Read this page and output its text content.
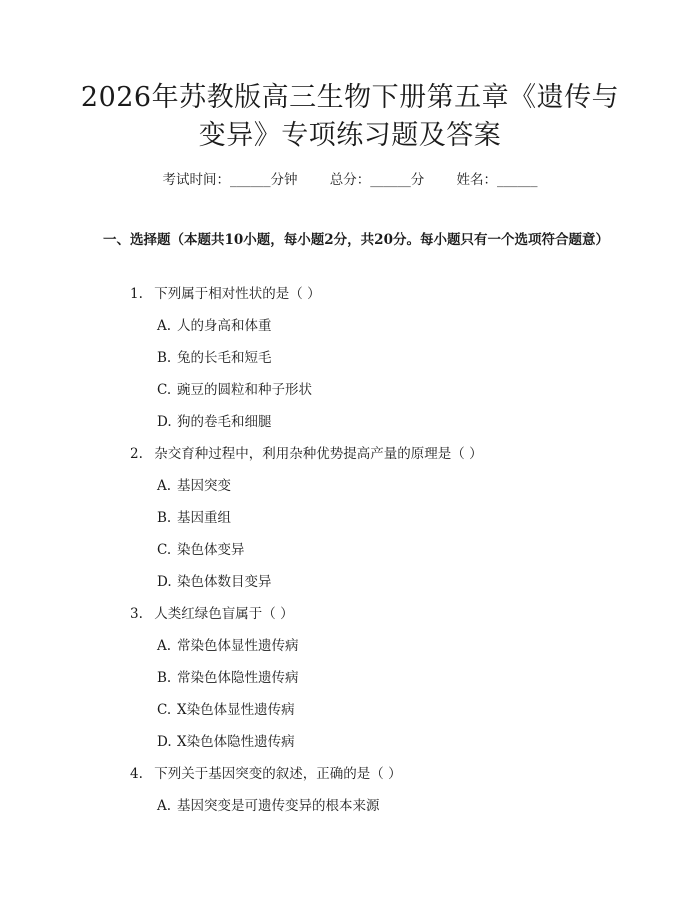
2026年苏教版高三生物下册第五章《遗传与
变异》专项练习题及答案
考试时间：______分钟 总分：______分 姓名：______
一、选择题（本题共10小题，每小题2分，共20分。每小题只有一个选项符合题意）
1. 下列属于相对性状的是（ ）
A. 人的身高和体重
B. 兔的长毛和短毛
C. 豌豆的圆粒和种子形状
D. 狗的卷毛和细腿
2. 杂交育种过程中，利用杂种优势提高产量的原理是（ ）
A. 基因突变
B. 基因重组
C. 染色体变异
D. 染色体数目变异
3. 人类红绿色盲属于（ ）
A. 常染色体显性遗传病
B. 常染色体隐性遗传病
C. X染色体显性遗传病
D. X染色体隐性遗传病
4. 下列关于基因突变的叙述，正确的是（ ）
A. 基因突变是可遗传变异的根本来源
